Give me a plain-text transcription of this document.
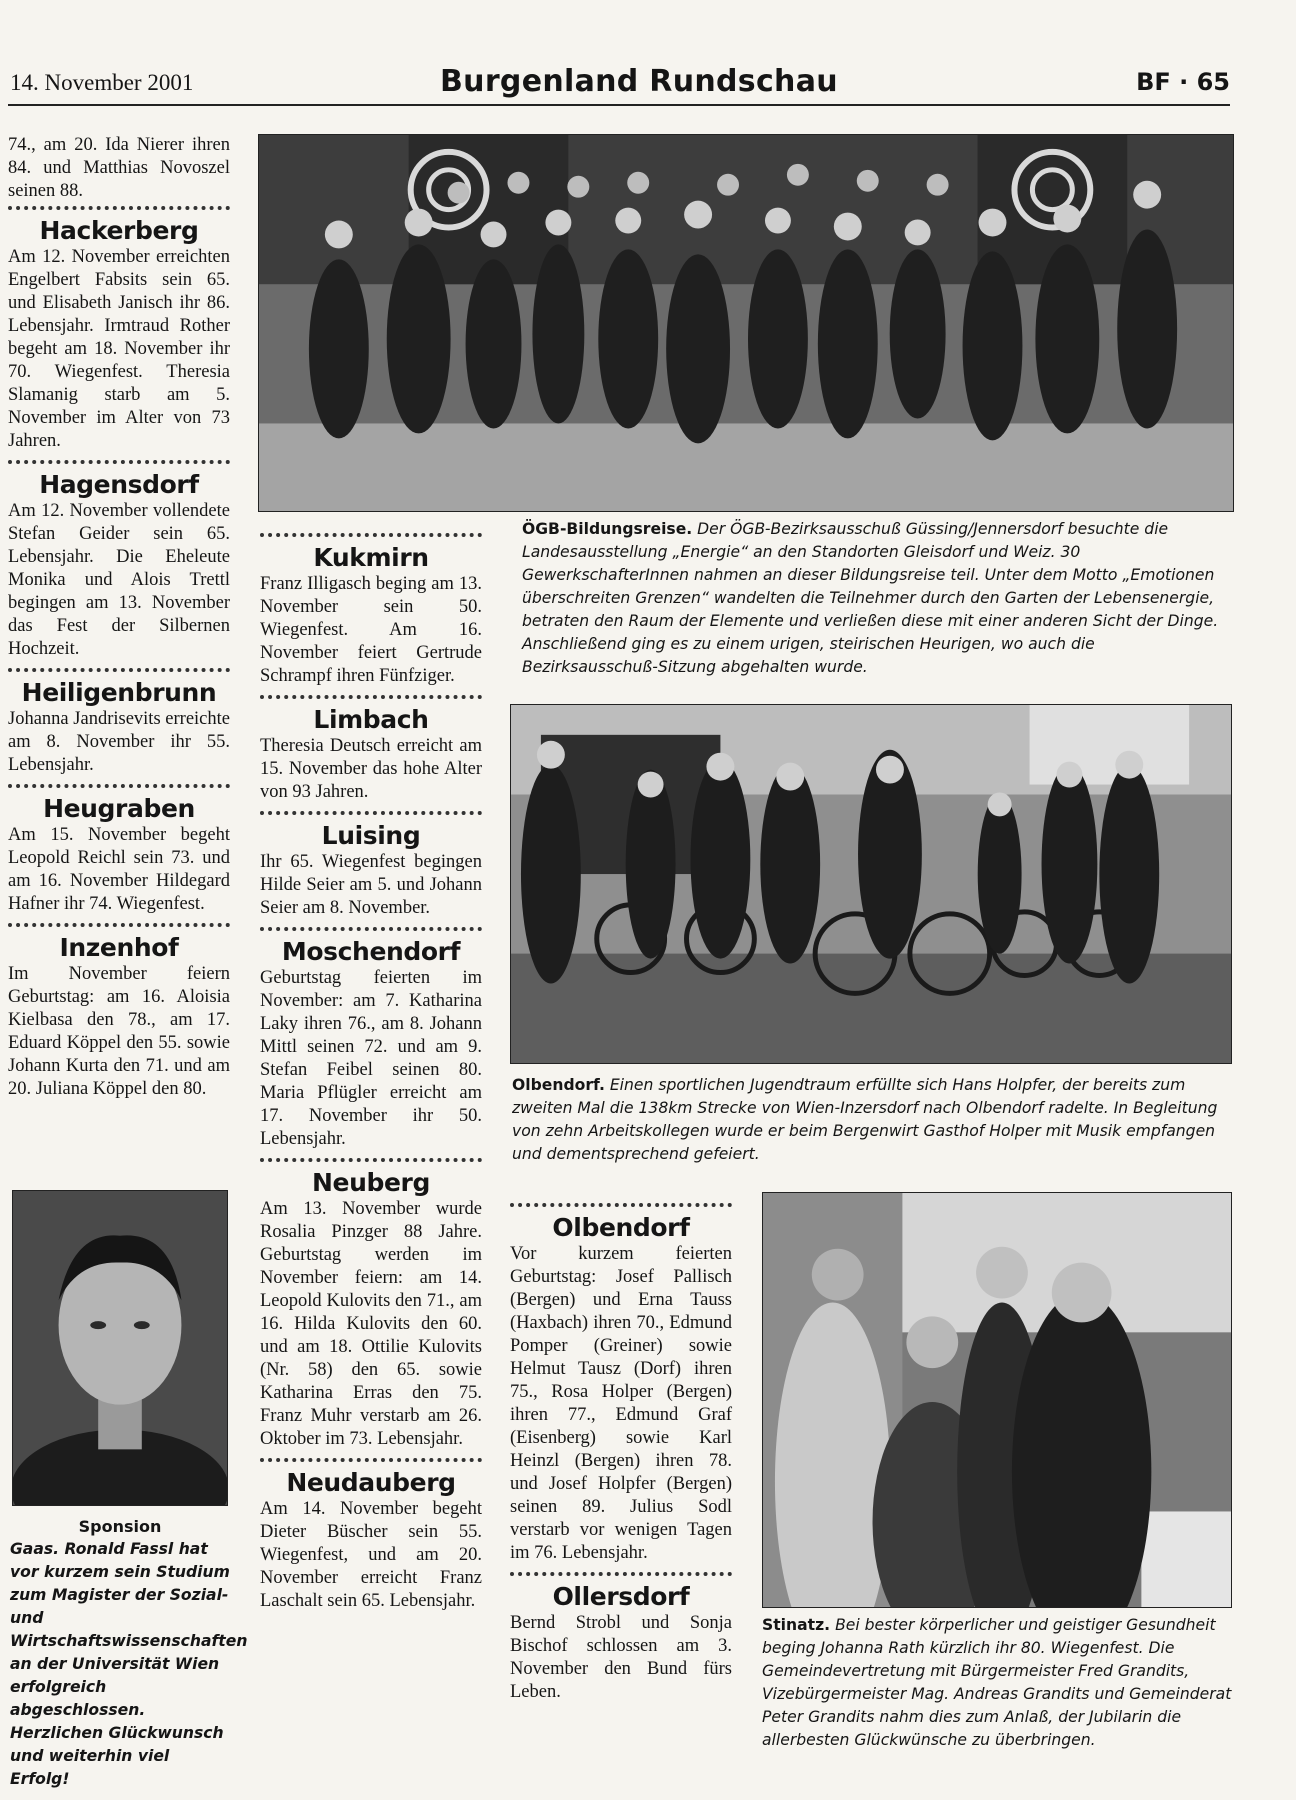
14. November 2001	Burgenland Rundschau	BF · 65
74., am 20. Ida Nierer ihren 84. und Matthias Novoszel seinen 88.
Hackerberg
Am 12. November erreichten Engelbert Fabsits sein 65. und Elisabeth Janisch ihr 86. Lebensjahr. Irmtraud Rother begeht am 18. November ihr 70. Wiegenfest. Theresia Slamanig starb am 5. November im Alter von 73 Jahren.
Hagensdorf
Am 12. November vollendete Stefan Geider sein 65. Lebensjahr. Die Eheleute Monika und Alois Trettl begingen am 13. November das Fest der Silbernen Hochzeit.
Heiligenbrunn
Johanna Jandrisevits erreichte am 8. November ihr 55. Lebensjahr.
Heugraben
Am 15. November begeht Leopold Reichl sein 73. und am 16. November Hildegard Hafner ihr 74. Wiegenfest.
Inzenhof
Im November feiern Geburtstag: am 16. Aloisia Kielbasa den 78., am 17. Eduard Köppel den 55. sowie Johann Kurta den 71. und am 20. Juliana Köppel den 80.
ÖGB-Bildungsreise. Der ÖGB-Bezirksausschuß Güssing/Jennersdorf besuchte die Landesausstellung „Energie“ an den Standorten Gleisdorf und Weiz. 30 GewerkschafterInnen nahmen an dieser Bildungsreise teil. Unter dem Motto „Emotionen überschreiten Grenzen“ wandelten die Teilnehmer durch den Garten der Lebensenergie, betraten den Raum der Elemente und verließen diese mit einer anderen Sicht der Dinge. Anschließend ging es zu einem urigen, steirischen Heurigen, wo auch die Bezirksausschuß-Sitzung abgehalten wurde.
Kukmirn
Franz Illigasch beging am 13. November sein 50. Wiegenfest. Am 16. November feiert Gertrude Schrampf ihren Fünfziger.
Limbach
Theresia Deutsch erreicht am 15. November das hohe Alter von 93 Jahren.
Luising
Ihr 65. Wiegenfest begingen Hilde Seier am 5. und Johann Seier am 8. November.
Moschendorf
Geburtstag feierten im November: am 7. Katharina Laky ihren 76., am 8. Johann Mittl seinen 72. und am 9. Stefan Feibel seinen 80. Maria Pflügler erreicht am 17. November ihr 50. Lebensjahr.
Neuberg
Am 13. November wurde Rosalia Pinzger 88 Jahre. Geburtstag werden im November feiern: am 14. Leopold Kulovits den 71., am 16. Hilda Kulovits den 60. und am 18. Ottilie Kulovits (Nr. 58) den 65. sowie Katharina Erras den 75. Franz Muhr verstarb am 26. Oktober im 73. Lebensjahr.
Neudauberg
Am 14. November begeht Dieter Büscher sein 55. Wiegenfest, und am 20. November erreicht Franz Laschalt sein 65. Lebensjahr.
Olbendorf. Einen sportlichen Jugendtraum erfüllte sich Hans Holpfer, der bereits zum zweiten Mal die 138km Strecke von Wien-Inzersdorf nach Olbendorf radelte. In Begleitung von zehn Arbeitskollegen wurde er beim Bergenwirt Gasthof Holper mit Musik empfangen und dementsprechend gefeiert.
Olbendorf
Vor kurzem feierten Geburtstag: Josef Pallisch (Bergen) und Erna Tauss (Haxbach) ihren 70., Edmund Pomper (Greiner) sowie Helmut Tausz (Dorf) ihren 75., Rosa Holper (Bergen) ihren 77., Edmund Graf (Eisenberg) sowie Karl Heinzl (Bergen) ihren 78. und Josef Holpfer (Bergen) seinen 89. Julius Sodl verstarb vor wenigen Tagen im 76. Lebensjahr.
Ollersdorf
Bernd Strobl und Sonja Bischof schlossen am 3. November den Bund fürs Leben.
Sponsion
Gaas. Ronald Fassl hat vor kurzem sein Studium zum Magister der Sozial- und Wirtschaftswissenschaften an der Universität Wien erfolgreich abgeschlossen. Herzlichen Glückwunsch und weiterhin viel Erfolg!
Stinatz. Bei bester körperlicher und geistiger Gesundheit beging Johanna Rath kürzlich ihr 80. Wiegenfest. Die Gemeindevertretung mit Bürgermeister Fred Grandits, Vizebürgermeister Mag. Andreas Grandits und Gemeinderat Peter Grandits nahm dies zum Anlaß, der Jubilarin die allerbesten Glückwünsche zu überbringen.
